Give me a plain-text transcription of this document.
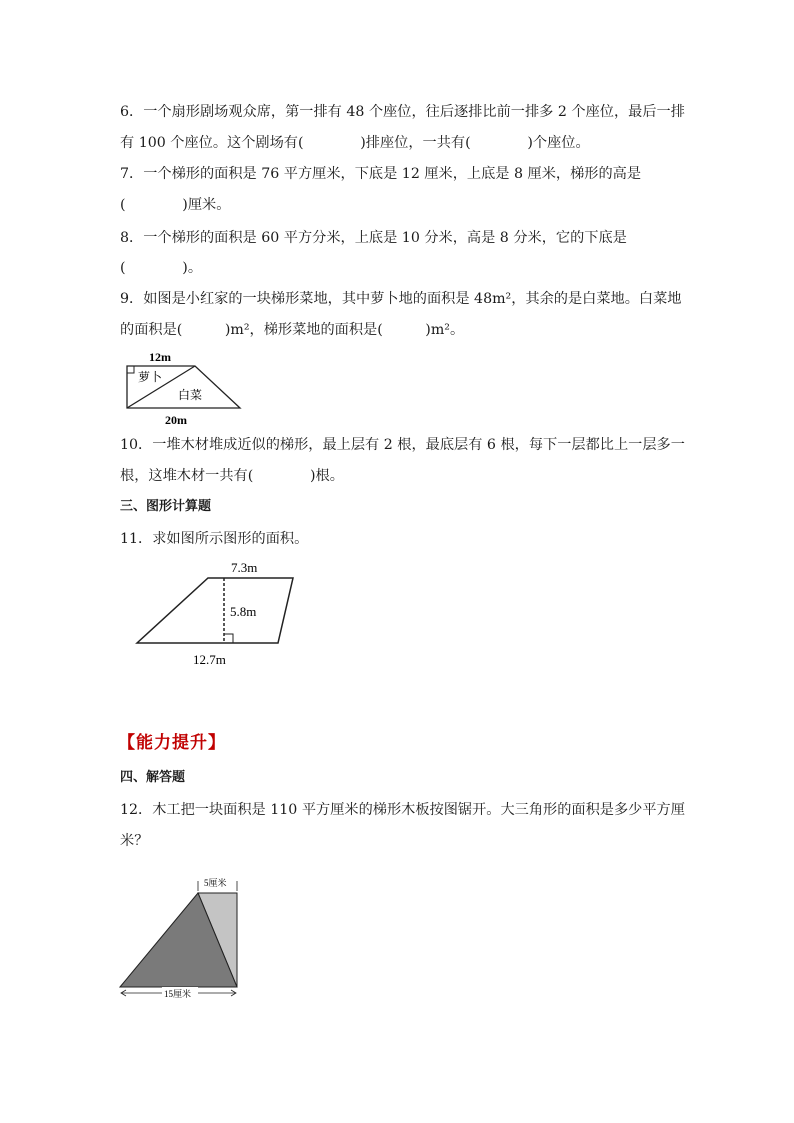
6．一个扇形剧场观众席，第一排有 48 个座位，往后逐排比前一排多 2 个座位，最后一排
有 100 个座位。这个剧场有(　　　　)排座位，一共有(　　　　)个座位。
7．一个梯形的面积是 76 平方厘米，下底是 12 厘米，上底是 8 厘米，梯形的高是
(　　　　)厘米。
8．一个梯形的面积是 60 平方分米，上底是 10 分米，高是 8 分米，它的下底是
(　　　　)。
9．如图是小红家的一块梯形菜地，其中萝卜地的面积是 48m²，其余的是白菜地。白菜地
的面积是(　　　)m²，梯形菜地的面积是(　　　)m²。
12m
萝卜
白菜
20m
10．一堆木材堆成近似的梯形，最上层有 2 根，最底层有 6 根，每下一层都比上一层多一
根，这堆木材一共有(　　　　)根。
三、图形计算题
11．求如图所示图形的面积。
7.3m
5.8m
12.7m
【能力提升】
四、解答题
12．木工把一块面积是 110 平方厘米的梯形木板按图锯开。大三角形的面积是多少平方厘
米？
5厘米
15厘米
